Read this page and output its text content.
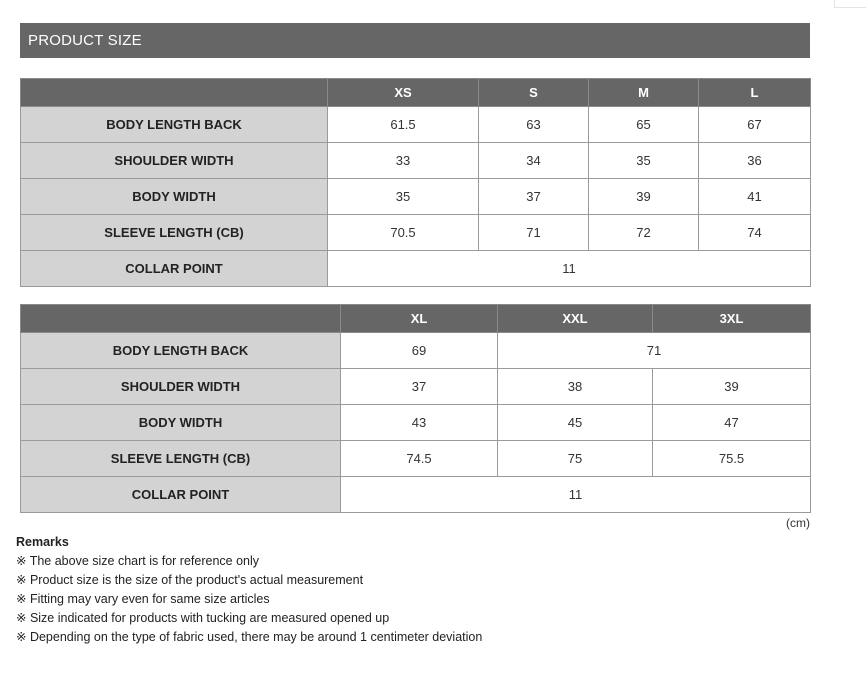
PRODUCT SIZE
	XS	S	M	L
BODY LENGTH BACK	61.5	63	65	67
SHOULDER WIDTH	33	34	35	36
BODY WIDTH	35	37	39	41
SLEEVE LENGTH (CB)	70.5	71	72	74
COLLAR POINT	11			
	XL	XXL	3XL
BODY LENGTH BACK	69	71	
SHOULDER WIDTH	37	38	39
BODY WIDTH	43	45	47
SLEEVE LENGTH (CB)	74.5	75	75.5
COLLAR POINT	11		
(cm)
Remarks
※ The above size chart is for reference only
※ Product size is the size of the product's actual measurement
※ Fitting may vary even for same size articles
※ Size indicated for products with tucking are measured opened up
※ Depending on the type of fabric used, there may be around 1 centimeter deviation
